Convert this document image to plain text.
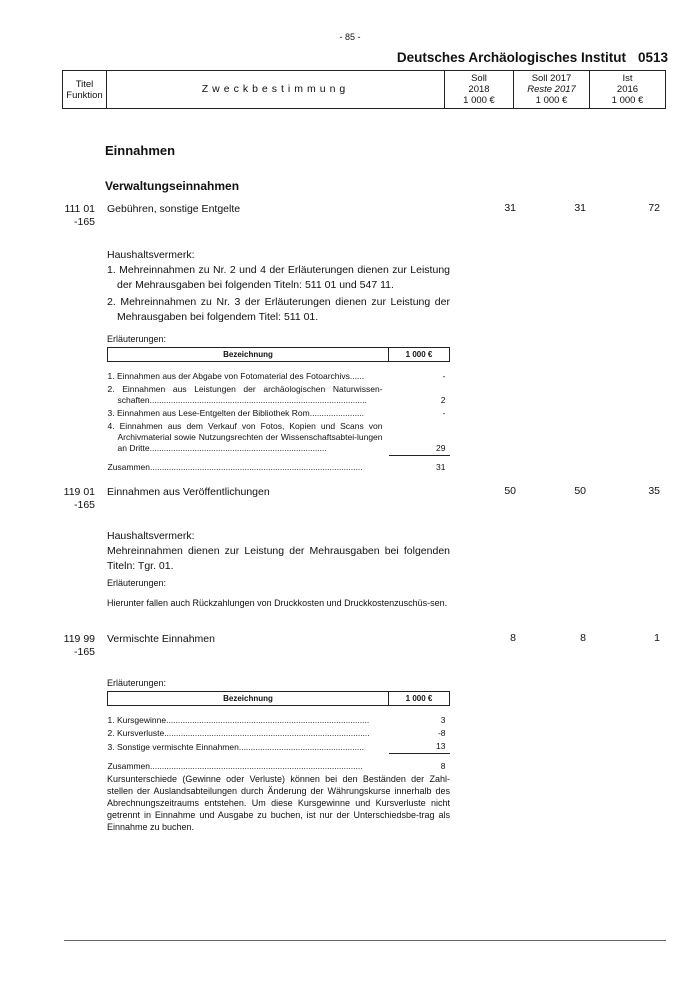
- 85 -
Deutsches Archäologisches Institut 0513
Titel
Funktion	Zweckbestimmung	
Soll
2018
1 000 €

Soll 2017
Reste 2017
1 000 €

Ist
2016
1 000 €
Einnahmen
Verwaltungseinnahmen
111 01
-165
Gebühren, sonstige Entgelte	31	31	72
Haushaltsvermerk:
1. Mehreinnahmen zu Nr. 2 und 4 der Erläuterungen dienen zur Leistung der Mehrausgaben bei folgenden Titeln: 511 01 und 547 11.
2. Mehreinnahmen zu Nr. 3 der Erläuterungen dienen zur Leistung der Mehrausgaben bei folgendem Titel: 511 01.
Erläuterungen:
Bezeichnung	1 000 €

1. Einnahmen aus der Abgabe von Fotomaterial des Fotoarchivs......	-

2. Einnahmen aus Leistungen der archäologischen Naturwissen-schaften............................................................................................	2

3. Einnahmen aus Lese-Entgelten der Bibliothek Rom.......................	-

4. Einnahmen aus dem Verkauf von Fotos, Kopien und Scans von Archivmaterial sowie Nutzungsrechten der Wissenschaftsabtei-lungen an Dritte...........................................................................	29

Zusammen..........................................................................................	31
119 01
-165
Einnahmen aus Veröffentlichungen	50	50	35
Haushaltsvermerk:
Mehreinnahmen dienen zur Leistung der Mehrausgaben bei folgenden Titeln: Tgr. 01.
Erläuterungen:
Hierunter fallen auch Rückzahlungen von Druckkosten und Druckkostenzuschüs-sen.
119 99
-165
Vermischte Einnahmen	8	8	1
Erläuterungen:
Bezeichnung	1 000 €

1. Kursgewinne......................................................................................	3
2. Kursverluste.......................................................................................	-8
3. Sonstige vermischte Einnahmen.....................................................	13

Zusammen..........................................................................................	8
Kursunterschiede (Gewinne oder Verluste) können bei den Beständen der Zahl-stellen der Auslandsabteilungen durch Änderung der Währungskurse innerhalb des Abrechnungszeitraums entstehen. Um diese Kursgewinne und Kursverluste nicht getrennt in Einnahme und Ausgabe zu buchen, ist nur der Unterschiedsbe-trag als Einnahme zu buchen.
